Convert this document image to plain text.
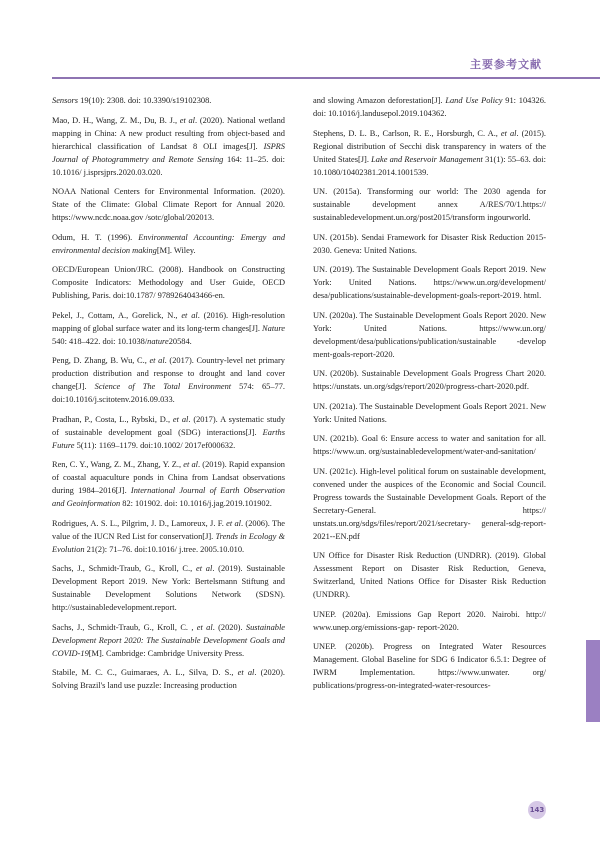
主要参考文献

Sensors 19(10): 2308. doi: 10.3390/s19102308.

Mao, D. H., Wang, Z. M., Du, B. J., et al. (2020). National wetland mapping in China: A new product resulting from object-based and hierarchical classification of Landsat 8 OLI images[J]. ISPRS Journal of Photogrammetry and Remote Sensing 164: 11–25. doi: 10.1016/ j.isprsjprs.2020.03.020.

NOAA National Centers for Environmental Information. (2020). State of the Climate: Global Climate Report for Annual 2020. https://www.ncdc.noaa.gov /sotc/global/202013.

Odum, H. T. (1996). Environmental Accounting: Emergy and environmental decision making[M]. Wiley.

OECD/European Union/JRC. (2008). Handbook on Constructing Composite Indicators: Methodology and User Guide, OECD Publishing, Paris. doi:10.1787/ 9789264043466-en.

Pekel, J., Cottam, A., Gorelick, N., et al. (2016). High-resolution mapping of global surface water and its long-term changes[J]. Nature 540: 418–422. doi: 10.1038/nature20584.

Peng, D. Zhang, B. Wu, C., et al. (2017). Country-level net primary production distribution and response to drought and land cover change[J]. Science of The Total Environment 574: 65–77. doi:10.1016/j.scitotenv.2016.09.033.

Pradhan, P., Costa, L., Rybski, D., et al. (2017). A systematic study of sustainable development goal (SDG) interactions[J]. Earths Future 5(11): 1169–1179. doi:10.1002/ 2017ef000632.

Ren, C. Y., Wang, Z. M., Zhang, Y. Z., et al. (2019). Rapid expansion of coastal aquaculture ponds in China from Landsat observations during 1984–2016[J]. International Journal of Earth Observation and Geoinformation 82: 101902. doi: 10.1016/j.jag.2019.101902.

Rodrigues, A. S. L., Pilgrim, J. D., Lamoreux, J. F. et al. (2006). The value of the IUCN Red List for conservation[J]. Trends in Ecology & Evolution 21(2): 71–76. doi:10.1016/ j.tree. 2005.10.010.

Sachs, J., Schmidt-Traub, G., Kroll, C., et al. (2019). Sustainable Development Report 2019. New York: Bertelsmann Stiftung and Sustainable Development Solutions Network (SDSN). http://sustainabledevelopment.report.

Sachs, J., Schmidt-Traub, G., Kroll, C. , et al. (2020). Sustainable Development Report 2020: The Sustainable Development Goals and COVID-19[M]. Cambridge: Cambridge University Press.

Stabile, M. C. C., Guimaraes, A. L., Silva, D. S., et al. (2020). Solving Brazil's land use puzzle: Increasing production

and slowing Amazon deforestation[J]. Land Use Policy 91: 104326. doi: 10.1016/j.landusepol.2019.104362.

Stephens, D. L. B., Carlson, R. E., Horsburgh, C. A., et al. (2015). Regional distribution of Secchi disk transparency in waters of the United States[J]. Lake and Reservoir Management 31(1): 55–63. doi: 10.1080/10402381.2014.1001539.

UN. (2015a). Transforming our world: The 2030 agenda for sustainable development annex A/RES/70/1.https:// sustainabledevelopment.un.org/post2015/transform ingourworld.

UN. (2015b). Sendai Framework for Disaster Risk Reduction 2015-2030. Geneva: United Nations.

UN. (2019). The Sustainable Development Goals Report 2019. New York: United Nations. https://www.un.org/development/ desa/publications/sustainable-development-goals-report-2019. html.

UN. (2020a). The Sustainable Development Goals Report 2020. New York: United Nations. https://www.un.org/ development/desa/publications/publication/sustainable -develop ment-goals-report-2020.

UN. (2020b). Sustainable Development Goals Progress Chart 2020. https://unstats. un.org/sdgs/report/2020/progress-chart-2020.pdf.

UN. (2021a). The Sustainable Development Goals Report 2021. New York: United Nations.

UN. (2021b). Goal 6: Ensure access to water and sanitation for all. https://www.un. org/sustainabledevelopment/water-and-sanitation/

UN. (2021c). High-level political forum on sustainable development, convened under the auspices of the Economic and Social Council. Progress towards the Sustainable Development Goals. Report of the Secretary-General. https:// unstats.un.org/sdgs/files/report/2021/secretary- general-sdg-report-2021--EN.pdf

UN Office for Disaster Risk Reduction (UNDRR). (2019). Global Assessment Report on Disaster Risk Reduction, Geneva, Switzerland, United Nations Office for Disaster Risk Reduction (UNDRR).

UNEP. (2020a). Emissions Gap Report 2020. Nairobi. http:// www.unep.org/emissions-gap- report-2020.

UNEP. (2020b). Progress on Integrated Water Resources Management. Global Baseline for SDG 6 Indicator 6.5.1: Degree of IWRM Implementation. https://www.unwater. org/ publications/progress-on-integrated-water-resources-

143
